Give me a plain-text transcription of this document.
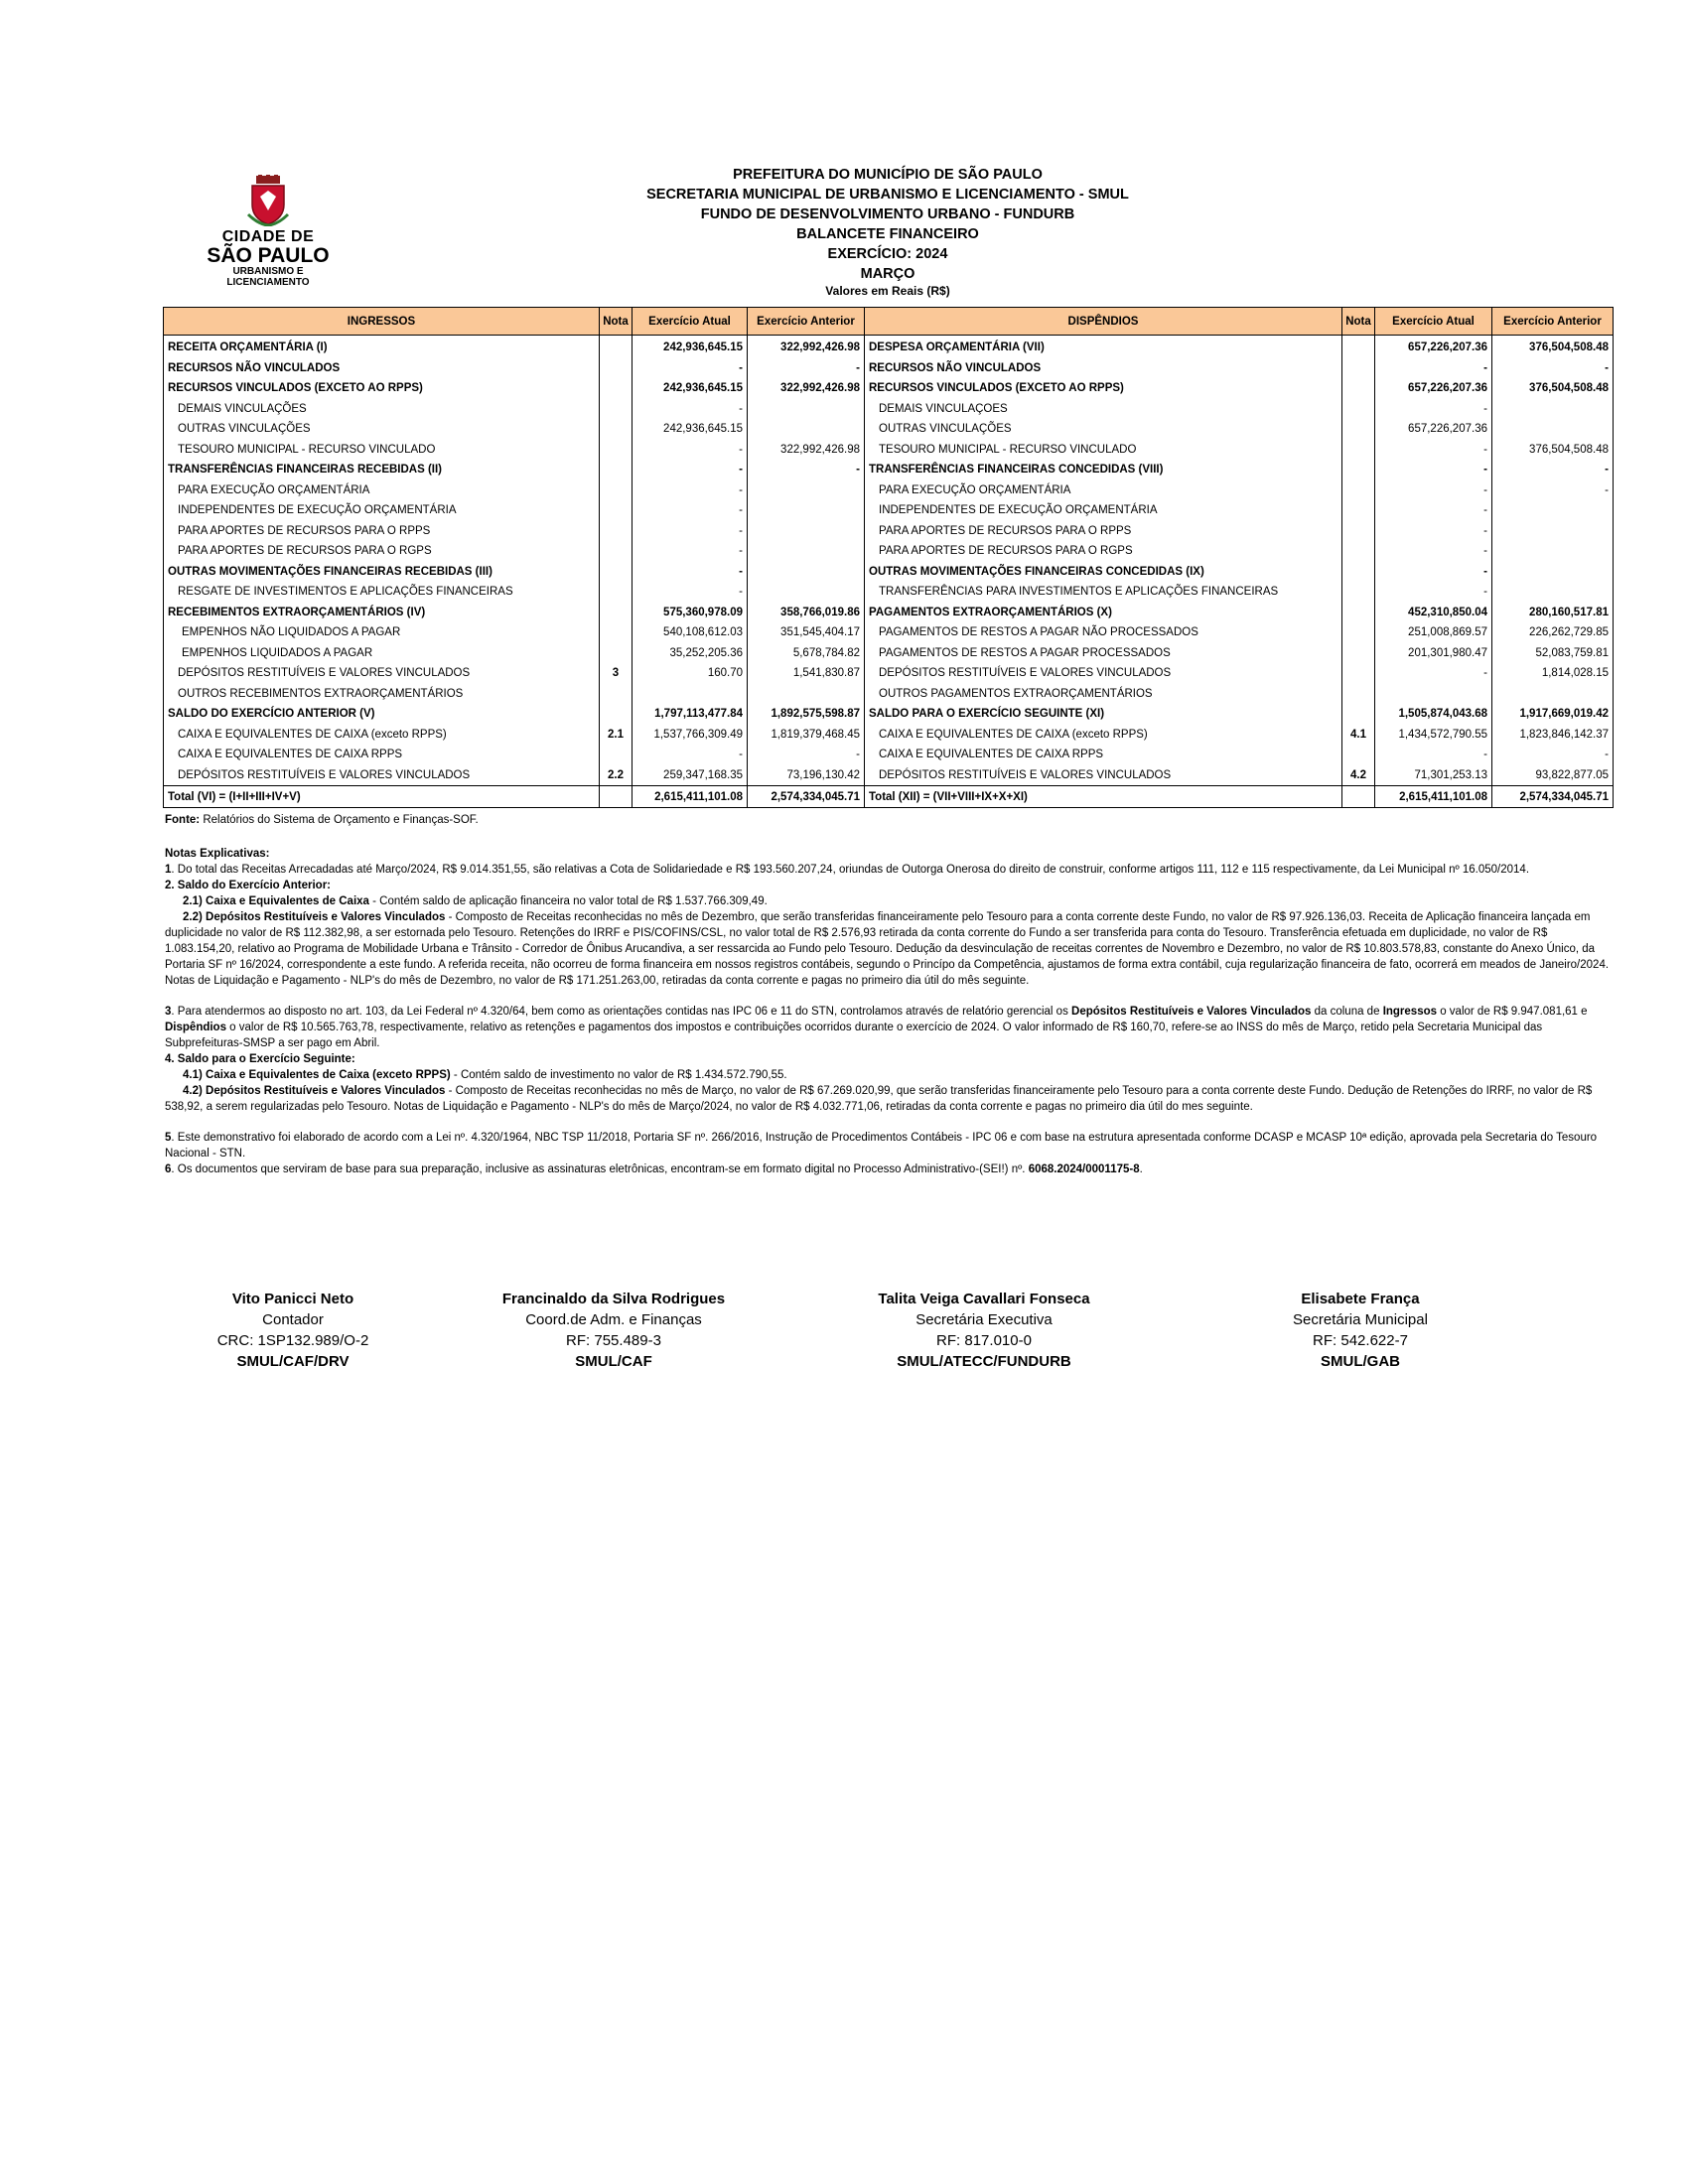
CIDADE DE
SÃO PAULO
URBANISMO E
LICENCIAMENTO
PREFEITURA DO MUNICÍPIO DE SÃO PAULO
SECRETARIA MUNICIPAL DE URBANISMO E LICENCIAMENTO - SMUL
FUNDO DE DESENVOLVIMENTO URBANO - FUNDURB
BALANCETE FINANCEIRO
EXERCÍCIO: 2024
MARÇO
Valores em Reais (R$)
INGRESSOS	Nota	Exercício Atual	Exercício Anterior	DISPÊNDIOS	Nota	Exercício Atual	Exercício Anterior
RECEITA ORÇAMENTÁRIA (I)		242,936,645.15	322,992,426.98	DESPESA ORÇAMENTÁRIA (VII)		657,226,207.36	376,504,508.48
RECURSOS NÃO VINCULADOS		-	-	RECURSOS NÃO VINCULADOS		-	-
RECURSOS VINCULADOS (EXCETO AO RPPS)		242,936,645.15	322,992,426.98	RECURSOS VINCULADOS (EXCETO AO RPPS)		657,226,207.36	376,504,508.48
DEMAIS VINCULAÇÕES		-		DEMAIS VINCULAÇOES		-	
OUTRAS VINCULAÇÕES		242,936,645.15		OUTRAS VINCULAÇÕES		657,226,207.36	
TESOURO MUNICIPAL - RECURSO VINCULADO		-	322,992,426.98	TESOURO MUNICIPAL - RECURSO VINCULADO		-	376,504,508.48
TRANSFERÊNCIAS FINANCEIRAS RECEBIDAS (II)		-	-	TRANSFERÊNCIAS FINANCEIRAS CONCEDIDAS (VIII)		-	-
PARA EXECUÇÃO ORÇAMENTÁRIA		-		PARA EXECUÇÃO ORÇAMENTÁRIA		-	-
INDEPENDENTES DE EXECUÇÃO ORÇAMENTÁRIA		-		INDEPENDENTES DE EXECUÇÃO ORÇAMENTÁRIA		-	
PARA APORTES DE RECURSOS PARA O RPPS		-		PARA APORTES DE RECURSOS PARA O RPPS		-	
PARA APORTES DE RECURSOS PARA O RGPS		-		PARA APORTES DE RECURSOS PARA O RGPS		-	
OUTRAS MOVIMENTAÇÕES FINANCEIRAS RECEBIDAS (III)		-		OUTRAS MOVIMENTAÇÕES FINANCEIRAS CONCEDIDAS (IX)		-	
RESGATE DE INVESTIMENTOS E APLICAÇÕES FINANCEIRAS		-		TRANSFERÊNCIAS PARA INVESTIMENTOS E APLICAÇÕES FINANCEIRAS		-	
RECEBIMENTOS EXTRAORÇAMENTÁRIOS (IV)		575,360,978.09	358,766,019.86	PAGAMENTOS EXTRAORÇAMENTÁRIOS (X)		452,310,850.04	280,160,517.81
EMPENHOS NÃO LIQUIDADOS A PAGAR		540,108,612.03	351,545,404.17	PAGAMENTOS DE RESTOS A PAGAR NÃO PROCESSADOS		251,008,869.57	226,262,729.85
EMPENHOS LIQUIDADOS A PAGAR		35,252,205.36	5,678,784.82	PAGAMENTOS DE RESTOS A PAGAR PROCESSADOS		201,301,980.47	52,083,759.81
DEPÓSITOS RESTITUÍVEIS E VALORES VINCULADOS	3	160.70	1,541,830.87	DEPÓSITOS RESTITUÍVEIS E VALORES VINCULADOS		-	1,814,028.15
OUTROS RECEBIMENTOS EXTRAORÇAMENTÁRIOS				OUTROS PAGAMENTOS EXTRAORÇAMENTÁRIOS			
SALDO DO EXERCÍCIO ANTERIOR (V)		1,797,113,477.84	1,892,575,598.87	SALDO PARA O EXERCÍCIO SEGUINTE (XI)		1,505,874,043.68	1,917,669,019.42
CAIXA E EQUIVALENTES DE CAIXA (exceto RPPS)	2.1	1,537,766,309.49	1,819,379,468.45	CAIXA E EQUIVALENTES DE CAIXA (exceto RPPS)	4.1	1,434,572,790.55	1,823,846,142.37
CAIXA E EQUIVALENTES DE CAIXA RPPS		-	-	CAIXA E EQUIVALENTES DE CAIXA RPPS		-	-
DEPÓSITOS RESTITUÍVEIS E VALORES VINCULADOS	2.2	259,347,168.35	73,196,130.42	DEPÓSITOS RESTITUÍVEIS E VALORES VINCULADOS	4.2	71,301,253.13	93,822,877.05
Total (VI) = (I+II+III+IV+V)		2,615,411,101.08	2,574,334,045.71	Total (XII) = (VII+VIII+IX+X+XI)		2,615,411,101.08	2,574,334,045.71

Fonte: Relatórios do Sistema de Orçamento e Finanças-SOF.

Notas Explicativas:

1. Do total das Receitas Arrecadadas até Março/2024, R$ 9.014.351,55, são relativas a Cota de Solidariedade e R$ 193.560.207,24, oriundas de Outorga Onerosa do direito de construir, conforme artigos 111, 112 e 115 respectivamente, da Lei Municipal nº 16.050/2014.

2. Saldo do Exercício Anterior:

2.1) Caixa e Equivalentes de Caixa - Contém saldo de aplicação financeira no valor total de R$ 1.537.766.309,49.

2.2) Depósitos Restituíveis e Valores Vinculados - Composto de Receitas reconhecidas no mês de Dezembro, que serão transferidas financeiramente pelo Tesouro para a conta corrente deste Fundo, no valor de R$ 97.926.136,03. Receita de Aplicação financeira lançada em duplicidade no valor de R$ 112.382,98, a ser estornada pelo Tesouro. Retenções do IRRF e PIS/COFINS/CSL, no valor total de R$ 2.576,93 retirada da conta corrente do Fundo a ser transferida para conta do Tesouro. Transferência efetuada em duplicidade, no valor de R$ 1.083.154,20, relativo ao Programa de Mobilidade Urbana e Trânsito - Corredor de Ônibus Arucandiva, a ser ressarcida ao Fundo pelo Tesouro. Dedução da desvinculação de receitas correntes de Novembro e Dezembro, no valor de R$ 10.803.578,83, constante do Anexo Único, da Portaria SF nº 16/2024, correspondente a este fundo. A referida receita, não ocorreu de forma financeira em nossos registros contábeis, segundo o Princípo da Competência, ajustamos de forma extra contábil, cuja regularização financeira de fato, ocorrerá em meados de Janeiro/2024. Notas de Liquidação e Pagamento - NLP's do mês de Dezembro, no valor de R$ 171.251.263,00, retiradas da conta corrente e pagas no primeiro dia útil do mês seguinte.

3. Para atendermos ao disposto no art. 103, da Lei Federal nº 4.320/64, bem como as orientações contidas nas IPC 06 e 11 do STN, controlamos através de relatório gerencial os Depósitos Restituíveis e Valores Vinculados da coluna de Ingressos o valor de R$ 9.947.081,61 e Dispêndios o valor de R$ 10.565.763,78, respectivamente, relativo as retenções e pagamentos dos impostos e contribuições ocorridos durante o exercício de 2024. O valor informado de R$ 160,70, refere-se ao INSS do mês de Março, retido pela Secretaria Municipal das Subprefeituras-SMSP a ser pago em Abril.

4. Saldo para o Exercício Seguinte:

4.1) Caixa e Equivalentes de Caixa (exceto RPPS) - Contém saldo de investimento no valor de R$ 1.434.572.790,55.

4.2) Depósitos Restituíveis e Valores Vinculados - Composto de Receitas reconhecidas no mês de Março, no valor de R$ 67.269.020,99, que serão transferidas financeiramente pelo Tesouro para a conta corrente deste Fundo. Dedução de Retenções do IRRF, no valor de R$ 538,92, a serem regularizadas pelo Tesouro. Notas de Liquidação e Pagamento - NLP's do mês de Março/2024, no valor de R$ 4.032.771,06, retiradas da conta corrente e pagas no primeiro dia útil do mes seguinte.

5. Este demonstrativo foi elaborado de acordo com a Lei nº. 4.320/1964, NBC TSP 11/2018, Portaria SF nº. 266/2016, Instrução de Procedimentos Contábeis - IPC 06 e com base na estrutura apresentada conforme DCASP e MCASP 10ª edição, aprovada pela Secretaria do Tesouro Nacional - STN.

6. Os documentos que serviram de base para sua preparação, inclusive as assinaturas eletrônicas, encontram-se em formato digital no Processo Administrativo-(SEI!) nº. 6068.2024/0001175-8.

Vito Panicci Neto
Contador
CRC: 1SP132.989/O-2
SMUL/CAF/DRV
Francinaldo da Silva Rodrigues
Coord.de Adm. e Finanças
RF: 755.489-3
SMUL/CAF
Talita Veiga Cavallari Fonseca
Secretária Executiva
RF: 817.010-0
SMUL/ATECC/FUNDURB
Elisabete França
Secretária Municipal
RF: 542.622-7
SMUL/GAB
